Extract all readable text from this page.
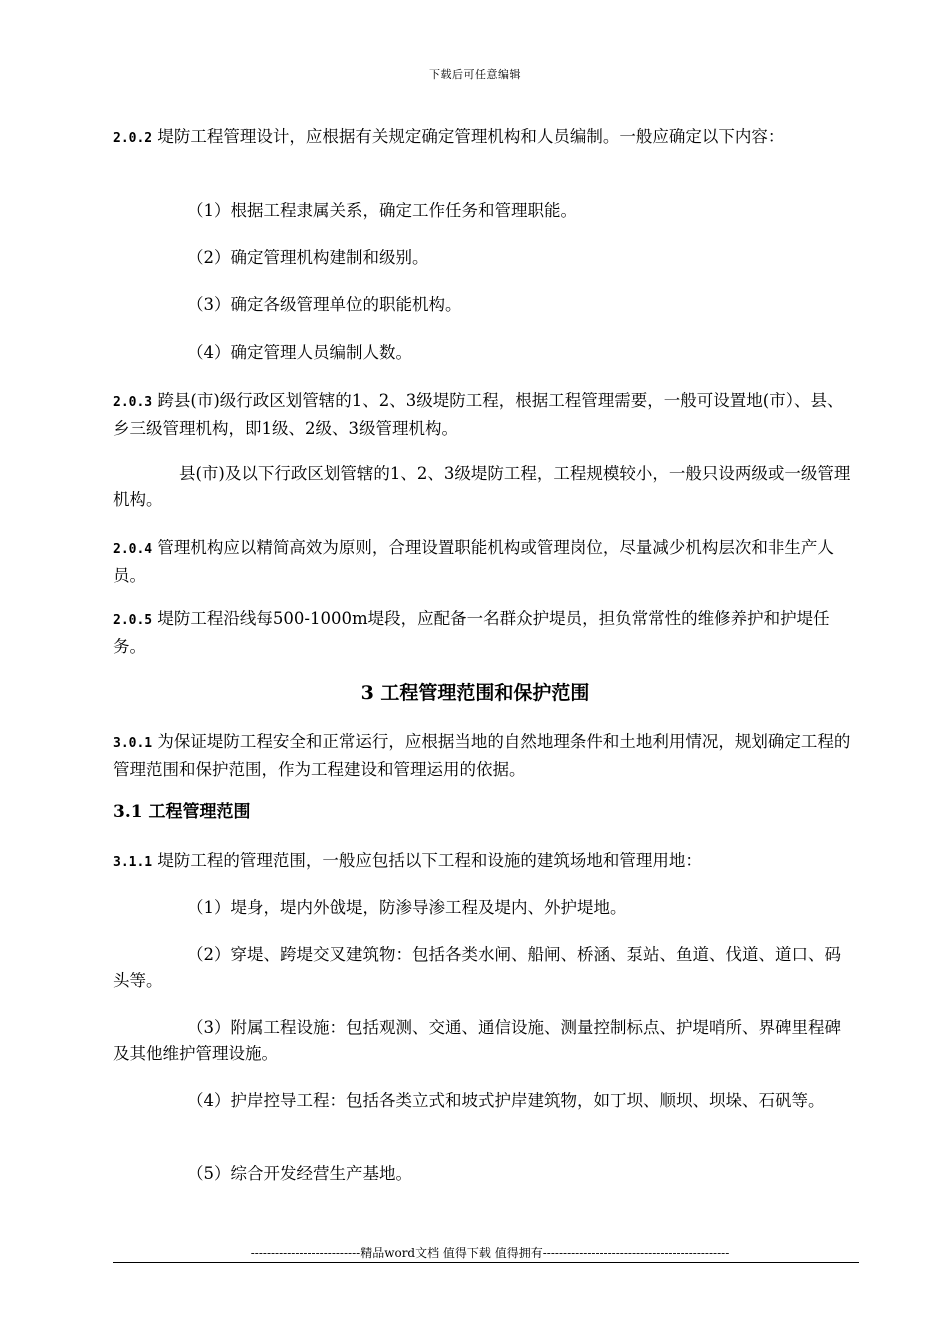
下载后可任意编辑
2.0.2 堤防工程管理设计，应根据有关规定确定管理机构和人员编制。一般应确定以下内容：
（1）根据工程隶属关系，确定工作任务和管理职能。
（2）确定管理机构建制和级别。
（3）确定各级管理单位的职能机构。
（4）确定管理人员编制人数。
2.0.3 跨县(市)级行政区划管辖的1、2、3级堤防工程，根据工程管理需要，一般可设置地(市）、县、乡三级管理机构，即1级、2级、3级管理机构。
县(市)及以下行政区划管辖的1、2、3级堤防工程，工程规模较小，一般只设两级或一级管理机构。
2.0.4 管理机构应以精简高效为原则，合理设置职能机构或管理岗位，尽量减少机构层次和非生产人员。
2.0.5 堤防工程沿线每500-1000m堤段，应配备一名群众护堤员，担负常常性的维修养护和护堤任务。
3 工程管理范围和保护范围
3.0.1 为保证堤防工程安全和正常运行，应根据当地的自然地理条件和土地利用情况，规划确定工程的管理范围和保护范围，作为工程建设和管理运用的依据。
3.1 工程管理范围
3.1.1 堤防工程的管理范围，一般应包括以下工程和设施的建筑场地和管理用地：
（1）堤身，堤内外戗堤，防渗导渗工程及堤内、外护堤地。
（2）穿堤、跨堤交叉建筑物：包括各类水闸、船闸、桥涵、泵站、鱼道、伐道、道口、码头等。
（3）附属工程设施：包括观测、交通、通信设施、测量控制标点、护堤哨所、界碑里程碑及其他维护管理设施。
（4）护岸控导工程：包括各类立式和坡式护岸建筑物，如丁坝、顺坝、坝垛、石矾等。
（5）综合开发经营生产基地。
---------------------------精品word文档 值得下载 值得拥有----------------------------------------------
